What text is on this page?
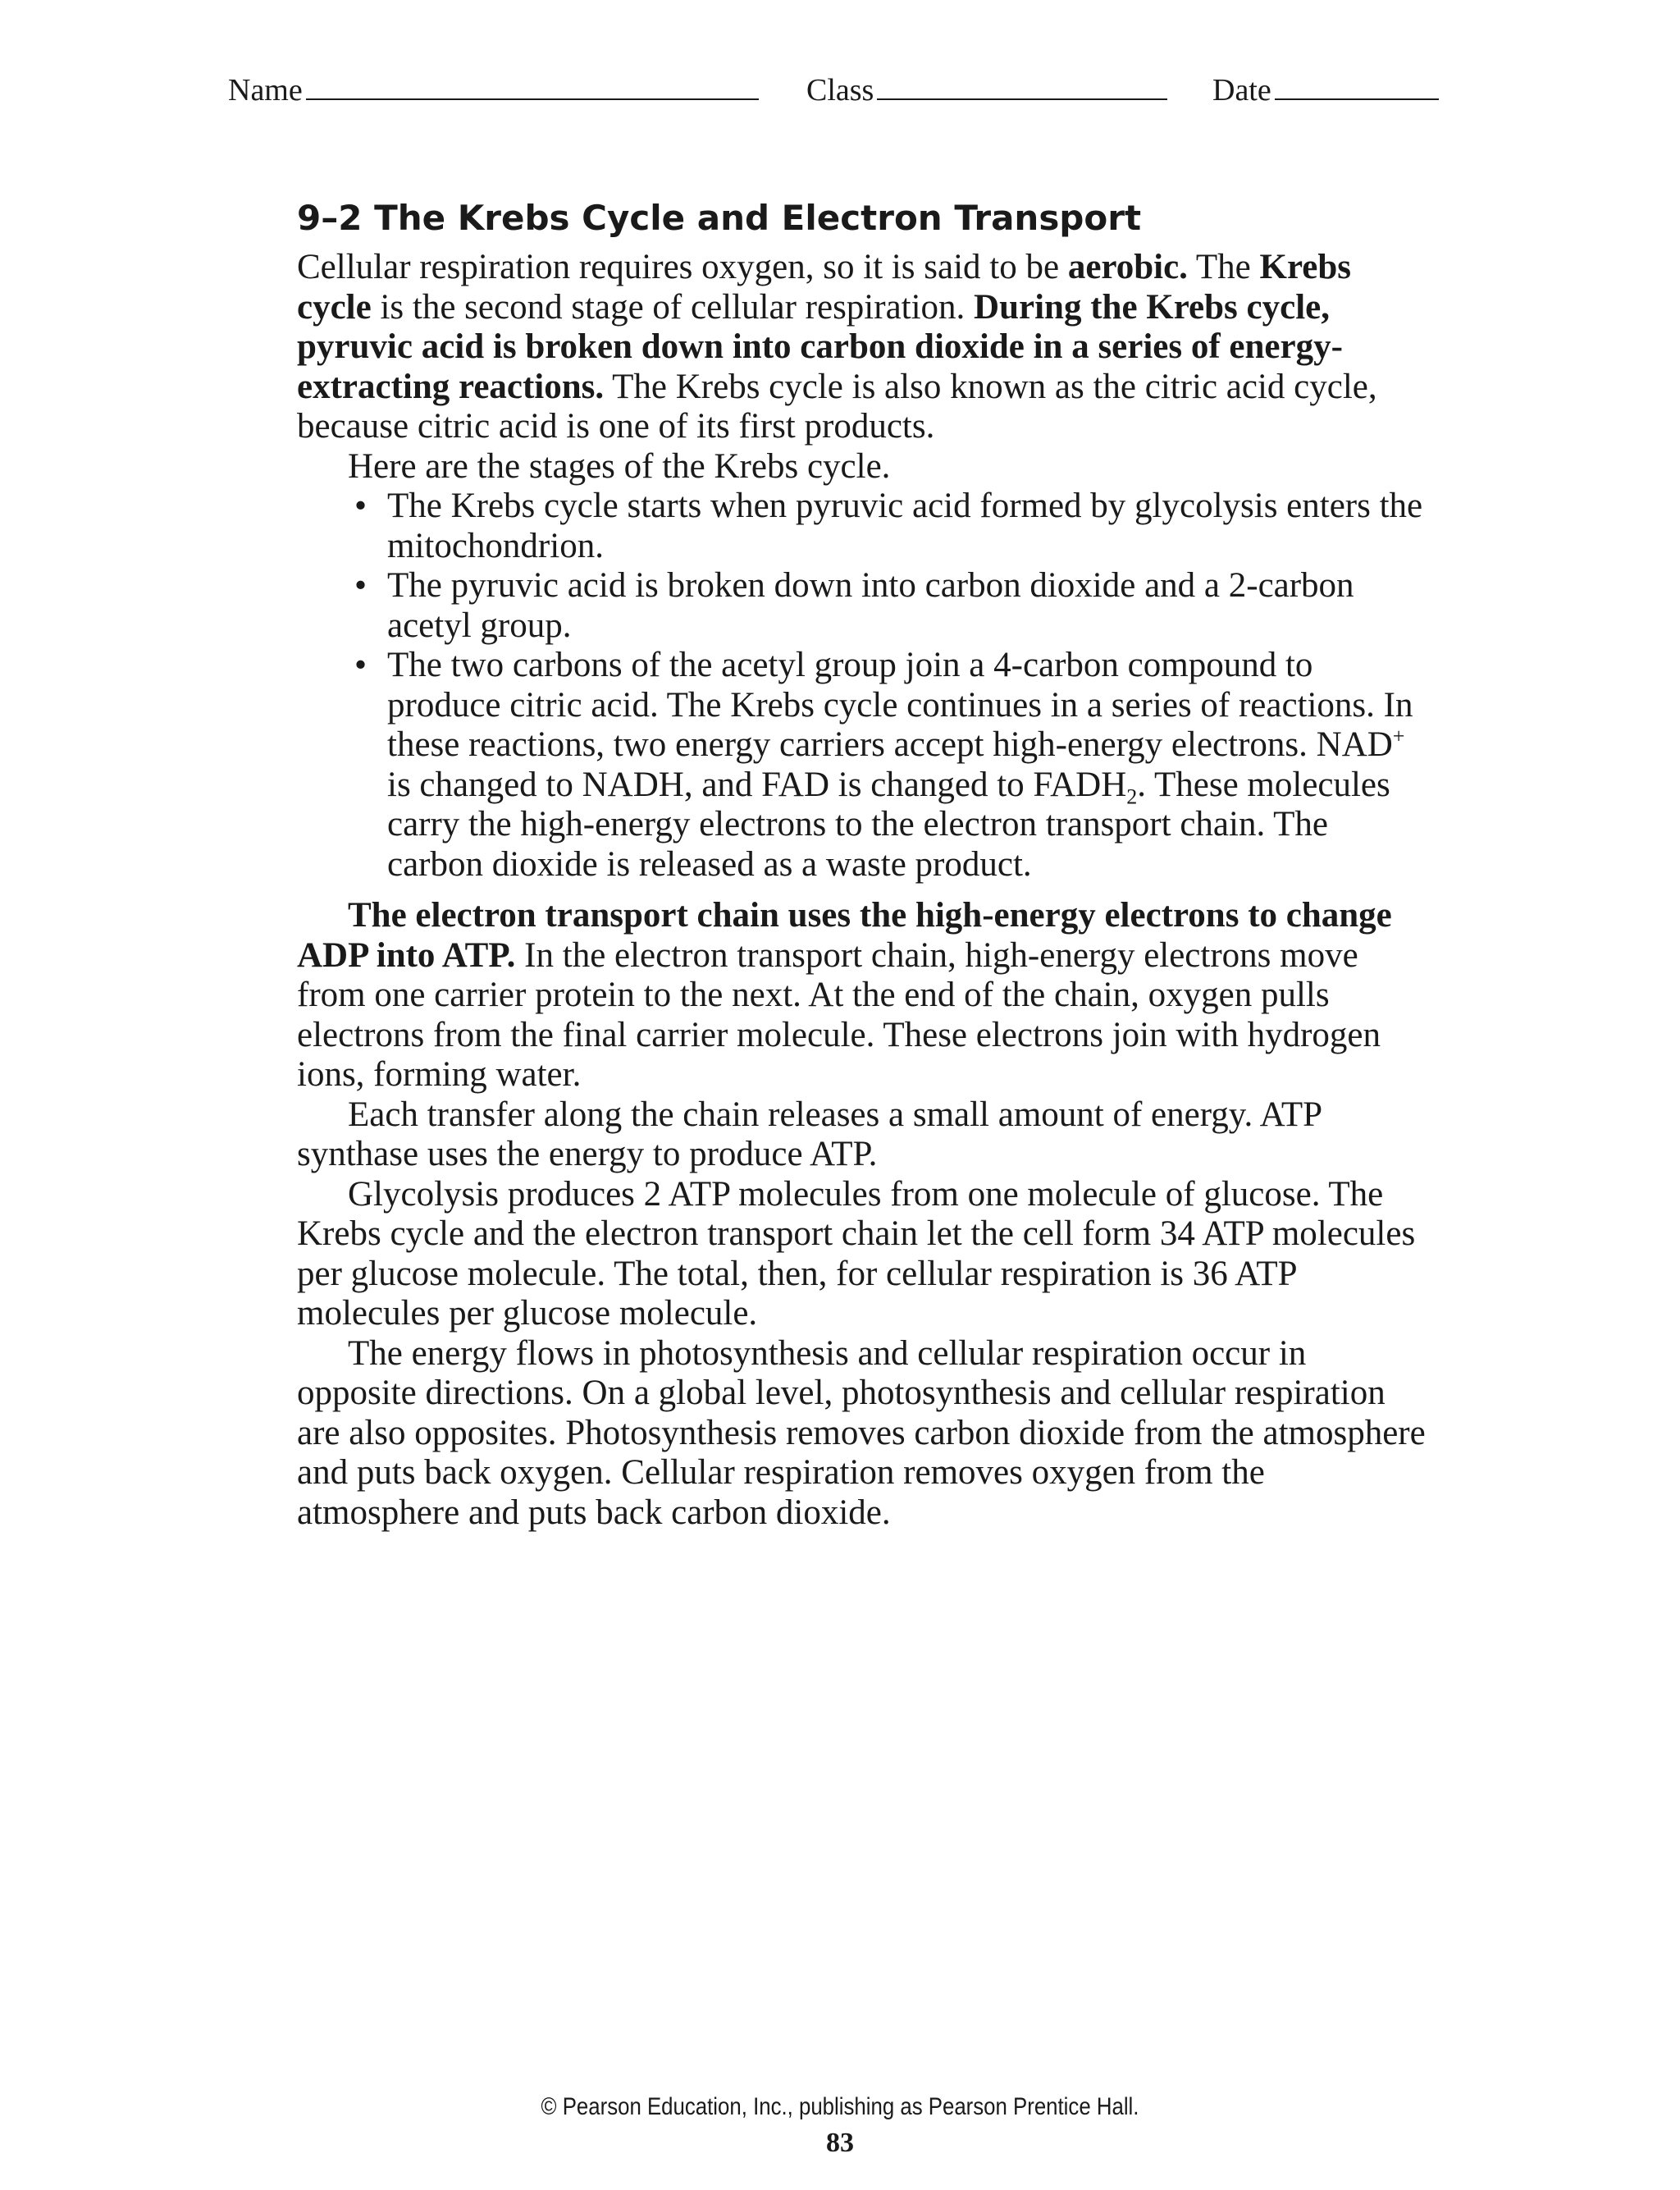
Name	Class	Date
9–2 The Krebs Cycle and Electron Transport

Cellular respiration requires oxygen, so it is said to be aerobic. The Krebs cycle is the second stage of cellular respiration. During the Krebs cycle, pyruvic acid is broken down into carbon dioxide in a series of energy-extracting reactions. The Krebs cycle is also known as the citric acid cycle, because citric acid is one of its first products.

Here are the stages of the Krebs cycle.

• The Krebs cycle starts when pyruvic acid formed by glycolysis enters the mitochondrion.
• The pyruvic acid is broken down into carbon dioxide and a 2-carbon acetyl group.
• The two carbons of the acetyl group join a 4-carbon compound to produce citric acid. The Krebs cycle continues in a series of reactions. In these reactions, two energy carriers accept high-energy electrons. NAD+ is changed to NADH, and FAD is changed to $FADH_2$. These molecules carry the high-energy electrons to the electron transport chain. The carbon dioxide is released as a waste product.

The electron transport chain uses the high-energy electrons to change ADP into ATP. In the electron transport chain, high-energy electrons move from one carrier protein to the next. At the end of the chain, oxygen pulls electrons from the final carrier molecule. These electrons join with hydrogen ions, forming water.

Each transfer along the chain releases a small amount of energy. ATP synthase uses the energy to produce ATP.

Glycolysis produces 2 ATP molecules from one molecule of glucose. The Krebs cycle and the electron transport chain let the cell form 34 ATP molecules per glucose molecule. The total, then, for cellular respiration is 36 ATP molecules per glucose molecule.

The energy flows in photosynthesis and cellular respiration occur in opposite directions. On a global level, photosynthesis and cellular respiration are also opposites. Photosynthesis removes carbon dioxide from the atmosphere and puts back oxygen. Cellular respiration removes oxygen from the atmosphere and puts back carbon dioxide.

© Pearson Education, Inc., publishing as Pearson Prentice Hall.
83
